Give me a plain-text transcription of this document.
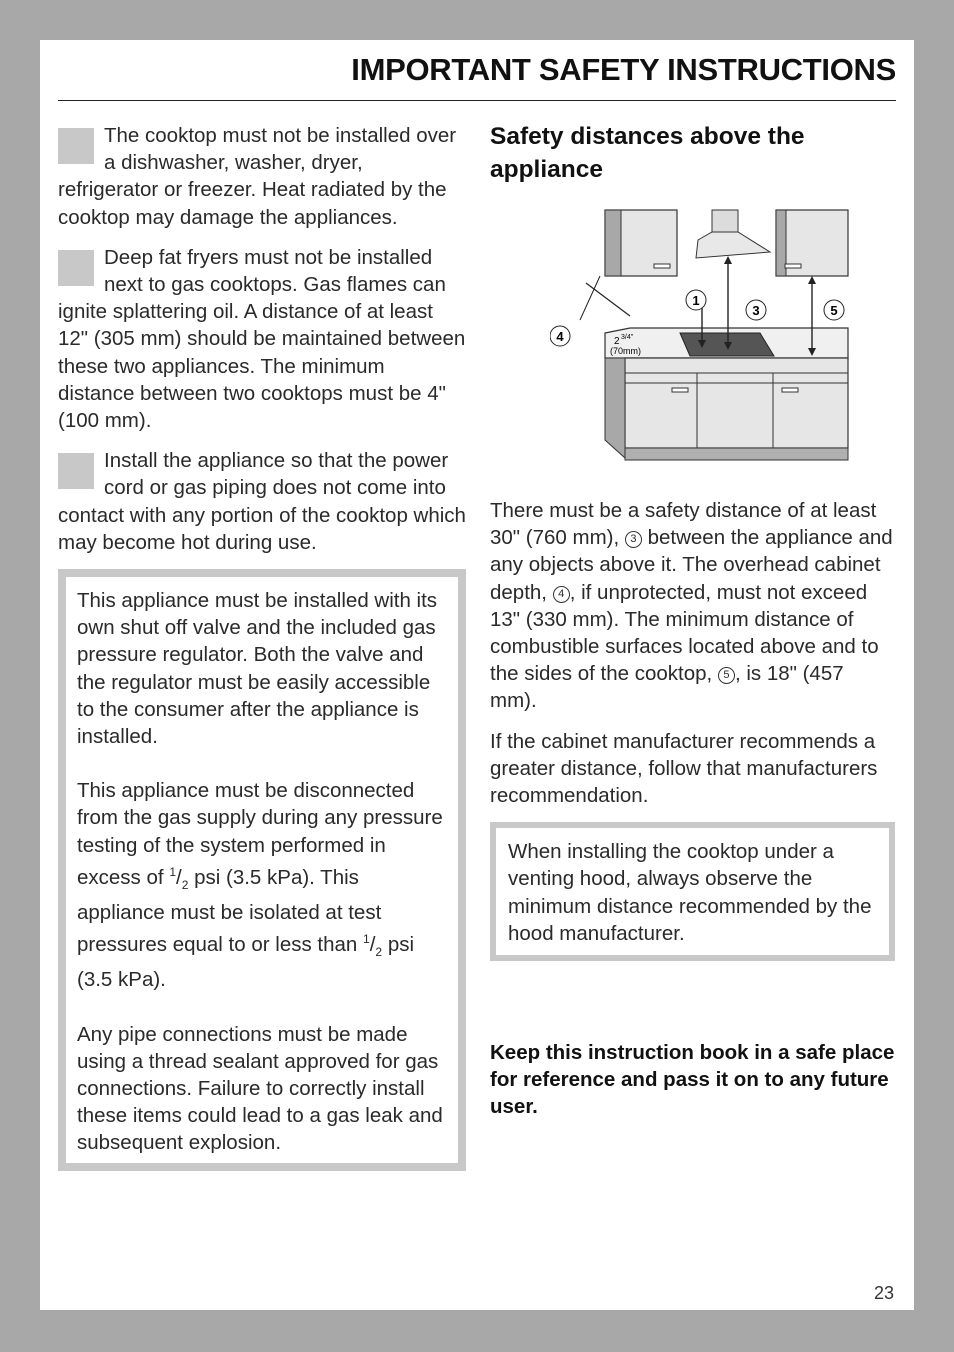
IMPORTANT SAFETY INSTRUCTIONS
The cooktop must not be installed over a dishwasher, washer, dryer, refrigerator or freezer. Heat radiated by the cooktop may damage the appliances.
Deep fat fryers must not be installed next to gas cooktops. Gas flames can ignite splattering oil. A distance of at least 12" (305 mm) should be maintained between these two appliances. The minimum distance between two cooktops must be 4" (100 mm).
Install the appliance so that the power cord or gas piping does not come into contact with any portion of the cooktop which may become hot during use.

This appliance must be installed with its own shut off valve and the included gas pressure regulator. Both the valve and the regulator must be easily accessible to the consumer after the appliance is installed.

This appliance must be disconnected from the gas supply during any pressure testing of the system performed in excess of $^1/_2$ psi (3.5 kPa). This appliance must be isolated at test pressures equal to or less than $^1/_2$ psi
(3.5 kPa).

Any pipe connections must be made using a thread sealant approved for gas connections. Failure to correctly install these items could lead to a gas leak and subsequent explosion.

Safety distances above the appliance
1
3	5
4	2 3/4"
(70mm)

There must be a safety distance of at least 30" (760 mm), 3 between the appliance and any objects above it. The overhead cabinet depth, 4 , if unprotected, must not exceed 13" (330 mm). The minimum distance of combustible surfaces located above and to the sides of the cooktop, 5 , is 18" (457 mm).

If the cabinet manufacturer recommends a greater distance, follow that manufacturers recommendation.

When installing the cooktop under a venting hood, always observe the minimum distance recommended by the hood manufacturer.

Keep this instruction book in a safe place for reference and pass it on to any future user.
23
